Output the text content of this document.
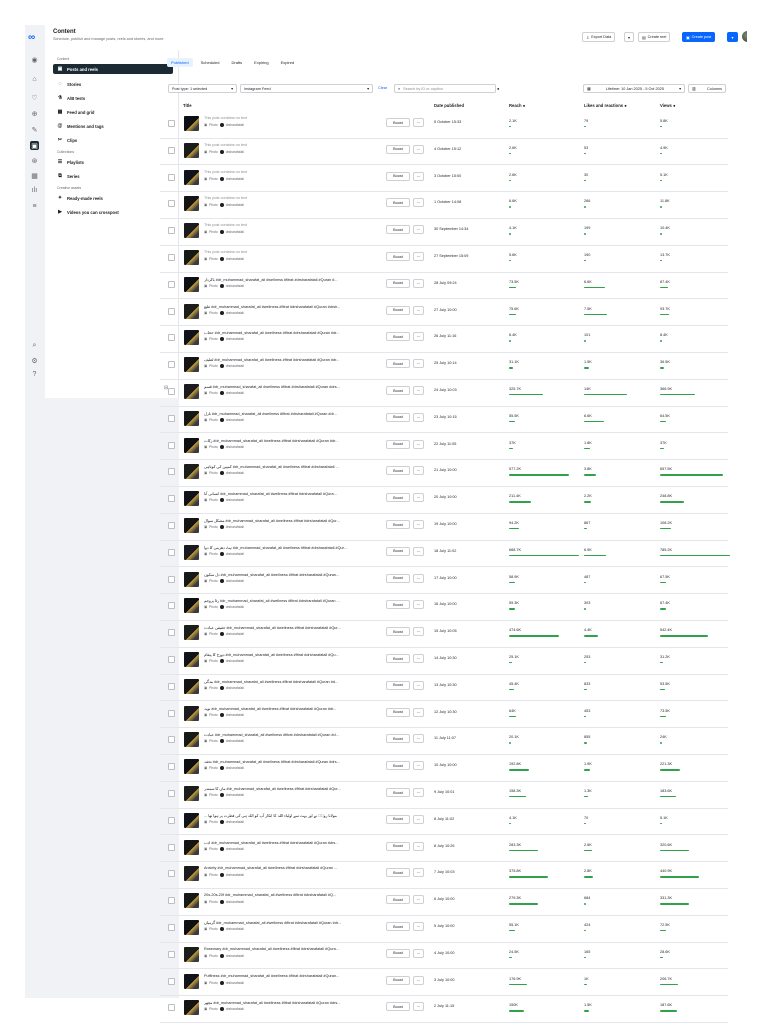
∞
◉
⌂
♡
⊕
✎
▣
⊛
▦
ılı
≡
⌕
⚙
?
Content
Schedule, publish and manage posts, reels and stories, and more.	⇩ Export Data	▾	▤ Create reel	▣ Create post	▾
Content
▣ Posts and reels
◌	Stories
⚗ A/B tests
▦ Feed and grid
@ Mentions and tags
✂ Clips
Collections
☰ Playlists
⧉ Series
Creative assets
✦ Ready-made reels
▶ Videos you can crosspost
⊟
Published	Scheduled	Drafts	Expiring	Expired
Post type: 1 selected	▾	Instagram Feed	▾ Clear	⌕ Search by ID or caption	●	▦	Lifetime: 10 Jan 2025 - 5 Oct 2025	▾	▥	Columns
Title	Date published	Reach ●	Likes and reactions ●	Views ●
This post contains no text
▣ Photo drsharafatali
Boost	···	5 October 15:33	2.1K	79	5.8K
This post contains no text
▣ Photo drsharafatali
Boost	···	4 October 15:12	2.6K	53	4.9K
This post contains no text
▣ Photo drsharafatali
Boost	···	3 October 15:00	2.6K	30	5.1K
This post contains no text
▣ Photo drsharafatali
Boost	···	1 October 14:08	6.6K	266	11.8K
This post contains no text
▣ Photo drsharafatali
Boost	···	30 September 14:34	4.1K	199	10.4K
This post contains no text
▣ Photo drsharafatali
Boost	···	27 September 15:09	5.6K	190	13.7K
باکردار #dr_muhammad_sharafat_ali #wellness #fitrat #drsharafatali #Quran #...
▣ Photo drsharafatali
Boost	···	28 July 09:24	73.5K	6.6K	87.4K
طبع #dr_muhammad_sharafat_ali #wellness #fitrat #drsharafatali #Quran #drsh...
▣ Photo drsharafatali
Boost	···	27 July 10:00	75.6K	7.5K	93.7K
حجاب #dr_muhammad_sharafat_ali #wellness #fitrat #drsharafatali #Quran #dr...
▣ Photo drsharafatali
Boost	···	26 July 11:16	6.4K	101	8.4K
لطیف #dr_muhammad_sharafat_ali #wellness #fitrat #drsharafatali #Quran #dr...
▣ Photo drsharafatali
Boost	···	25 July 10:14	31.1K	1.5K	36.5K
قسم #dr_muhammad_sharafat_ali #wellness #fitrat #drsharafatali #Quran #drs...
▣ Photo drsharafatali
Boost	···	24 July 10:03	325.7K	14K	366.9K
نازل #dr_muhammad_sharafat_ali #wellness #fitrat #drsharafatali #Quran #dr...
▣ Photo drsharafatali
Boost	···	23 July 10:15	55.5K	6.6K	64.5K
زکات #dr_muhammad_sharafat_ali #wellness #fitrat #drsharafatali #Quran #dr...
▣ Photo drsharafatali
Boost	···	22 July 11:05	37K	1.8K	37K
کمپین کی کوتاہی #dr_muhammad_sharafat_ali #wellness #fitrat #drsharafatali ...
▣ Photo drsharafatali
Boost	···	21 July 10:00	577.2K	3.8K	657.5K
انسانی آنا #dr_muhammad_sharafat_ali #wellness #fitrat #drsharafatali #Qura...
▣ Photo drsharafatali
Boost	···	20 July 10:00	211.4K	2.2K	248.8K
مشکل سوال #dr_muhammad_sharafat_ali #wellness #fitrat #drsharafatali #Qur...
▣ Photo drsharafatali
Boost	···	19 July 10:00	94.2K	867	108.2K
ہٹ دھرمی کا دوا #dr_muhammad_sharafat_ali #wellness #fitrat #drsharafatali #Qur...
▣ Photo drsharafatali
Boost	···	18 July 11:02	668.7K	6.9K	785.2K
دل سکون #dr_muhammad_sharafat_ali #wellness #fitrat #drsharafatali #Quran...
▣ Photo drsharafatali
Boost	···	17 July 10:00	58.9K	487	67.5K
رٹا پروجم #dr_muhammad_sharafat_ali #wellness #fitrat #drsharafatali #Quran ...
▣ Photo drsharafatali
Boost	···	16 July 10:00	59.3K	303	67.4K
حقیقی عبادت #dr_muhammad_sharafat_ali #wellness #fitrat #drsharafatali #Qur...
▣ Photo drsharafatali
Boost	···	15 July 10:05	474.6K	4.4K	542.4K
دوزخ کا پیغام #dr_muhammad_sharafat_ali #wellness #fitrat #drsharafatali #Qu...
▣ Photo drsharafatali
Boost	···	14 July 10:30	25.1K	253	31.2K
بندگی #dr_muhammad_sharafat_ali #wellness #fitrat #drsharafatali #Quran #d...
▣ Photo drsharafatali
Boost	···	13 July 10:30	45.4K	833	53.5K
توبہ #dr_muhammad_sharafat_ali #wellness #fitrat #drsharafatali #Quran #dr...
▣ Photo drsharafatali
Boost	···	12 July 10:30	64K	453	73.5K
عبادت #dr_muhammad_sharafat_ali #wellness #fitrat #drsharafatali #Quran #d...
▣ Photo drsharafatali
Boost	···	11 July 11:07	20.1K	855	24K
تحفہ #dr_muhammad_sharafat_ali #wellness #fitrat #drsharafatali #Quran #drs...
▣ Photo drsharafatali
Boost	···	10 July 10:00	192.8K	1.9K	221.3K
ماں کا سمندر #dr_muhammad_sharafat_ali #wellness #fitrat #drsharafatali #Qur...
▣ Photo drsharafatali
Boost	···	9 July 10:01	158.3K	1.3K	183.6K
... مولانا رومؒ نے اور بہت سے اولیاء اللہ کا انکار آپ کو اللہ ہی کی فطرت پر ہوا تھا
▣ Photo drsharafatali
Boost	···	8 July 11:02	4.1K	70	5.1K
ادب #dr_muhammad_sharafat_ali #wellness #fitrat #drsharafatali #Quran #drs...
▣ Photo drsharafatali
Boost	···	8 July 10:26	283.3K	2.6K	320.6K
Anxiety #dr_muhammad_sharafat_ali #wellness #fitrat #drsharafatali #Quran ...
▣ Photo drsharafatali
Boost	···	7 July 10:03	375.8K	2.8K	440.9K
20s-20s-20f #dr_muhammad_sharafat_ali #wellness #fitrat #drsharafatali #Q...
▣ Photo drsharafatali
Boost	···	6 July 10:00	279.3K	684	331.3K
گرمیاں #dr_muhammad_sharafat_ali #wellness #fitrat #drsharafatali #Quran #dr...
▣ Photo drsharafatali
Boost	···	5 July 10:00	55.1K	424	72.5K
Rosemary #dr_muhammad_sharafat_ali #wellness #fitrat #drsharafatali #Qura...
▣ Photo drsharafatali
Boost	···	4 July 10:00	24.5K	165	28.6K
Puffiness #dr_muhammad_sharafat_ali #wellness #fitrat #drsharafatali #Quran...
▣ Photo drsharafatali
Boost	···	3 July 10:00	176.9K	1K	206.7K
مچھر #dr_muhammad_sharafat_ali #wellness #fitrat #drsharafatali #Quran #drs...
▣ Photo drsharafatali
Boost	···	2 July 11:15	150K	1.5K	187.6K
